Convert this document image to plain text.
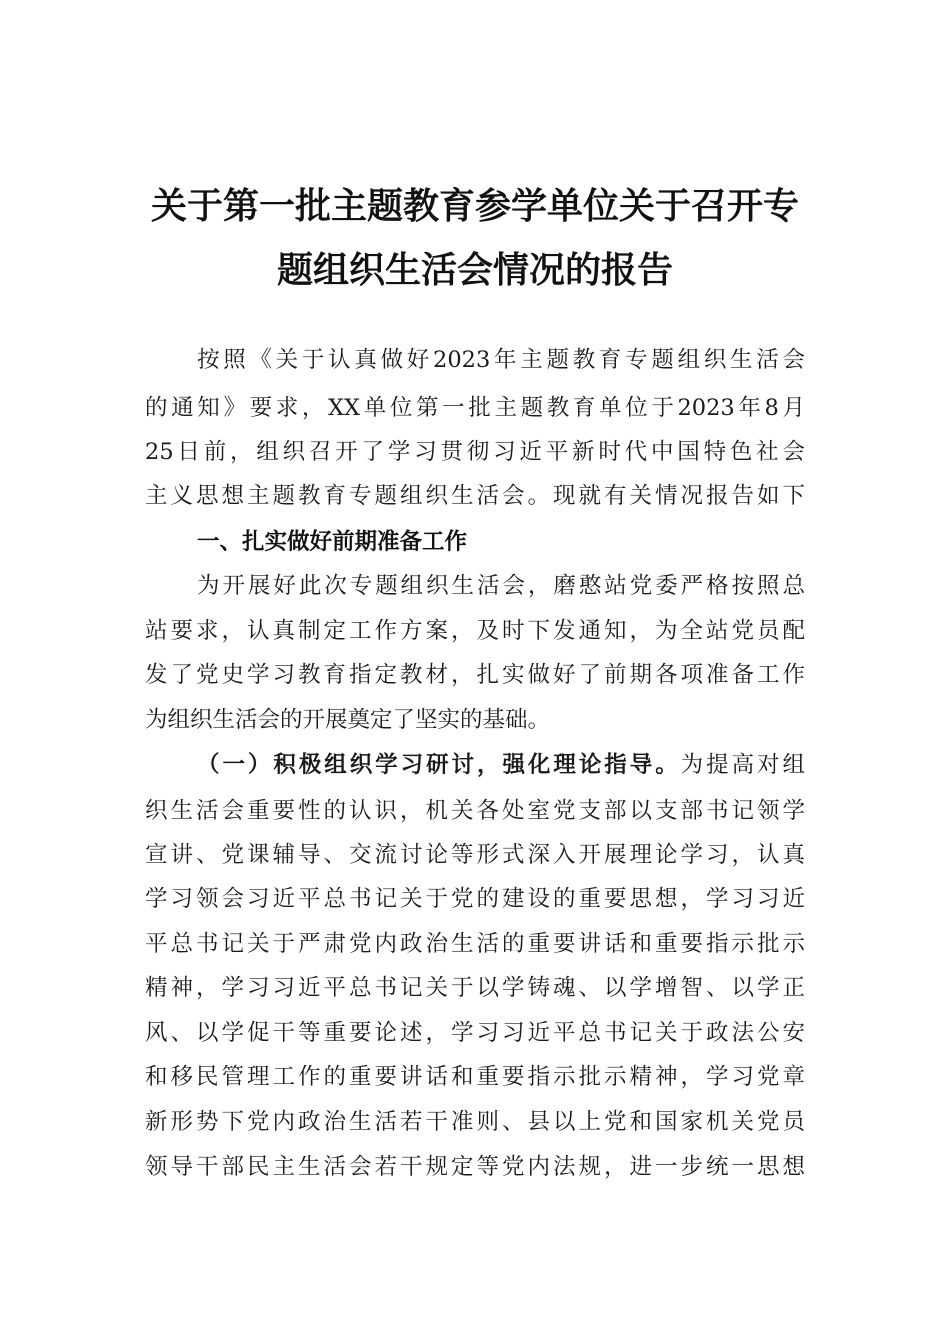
关于第一批主题教育参学单位关于召开专
题组织生活会情况的报告
按照《关于认真做好2023年主题教育专题组织生活会
的通知》要求，XX单位第一批主题教育单位于2023年8月
25日前，组织召开了学习贯彻习近平新时代中国特色社会
主义思想主题教育专题组织生活会。现就有关情况报告如下
一、扎实做好前期准备工作
为开展好此次专题组织生活会，磨憨站党委严格按照总
站要求，认真制定工作方案，及时下发通知，为全站党员配
发了党史学习教育指定教材，扎实做好了前期各项准备工作
为组织生活会的开展奠定了坚实的基础。
（一）积极组织学习研讨，强化理论指导。为提高对组
织生活会重要性的认识，机关各处室党支部以支部书记领学
宣讲、党课辅导、交流讨论等形式深入开展理论学习，认真
学习领会习近平总书记关于党的建设的重要思想，学习习近
平总书记关于严肃党内政治生活的重要讲话和重要指示批示
精神，学习习近平总书记关于以学铸魂、以学增智、以学正
风、以学促干等重要论述，学习习近平总书记关于政法公安
和移民管理工作的重要讲话和重要指示批示精神，学习党章
新形势下党内政治生活若干准则、县以上党和国家机关党员
领导干部民主生活会若干规定等党内法规，进一步统一思想
